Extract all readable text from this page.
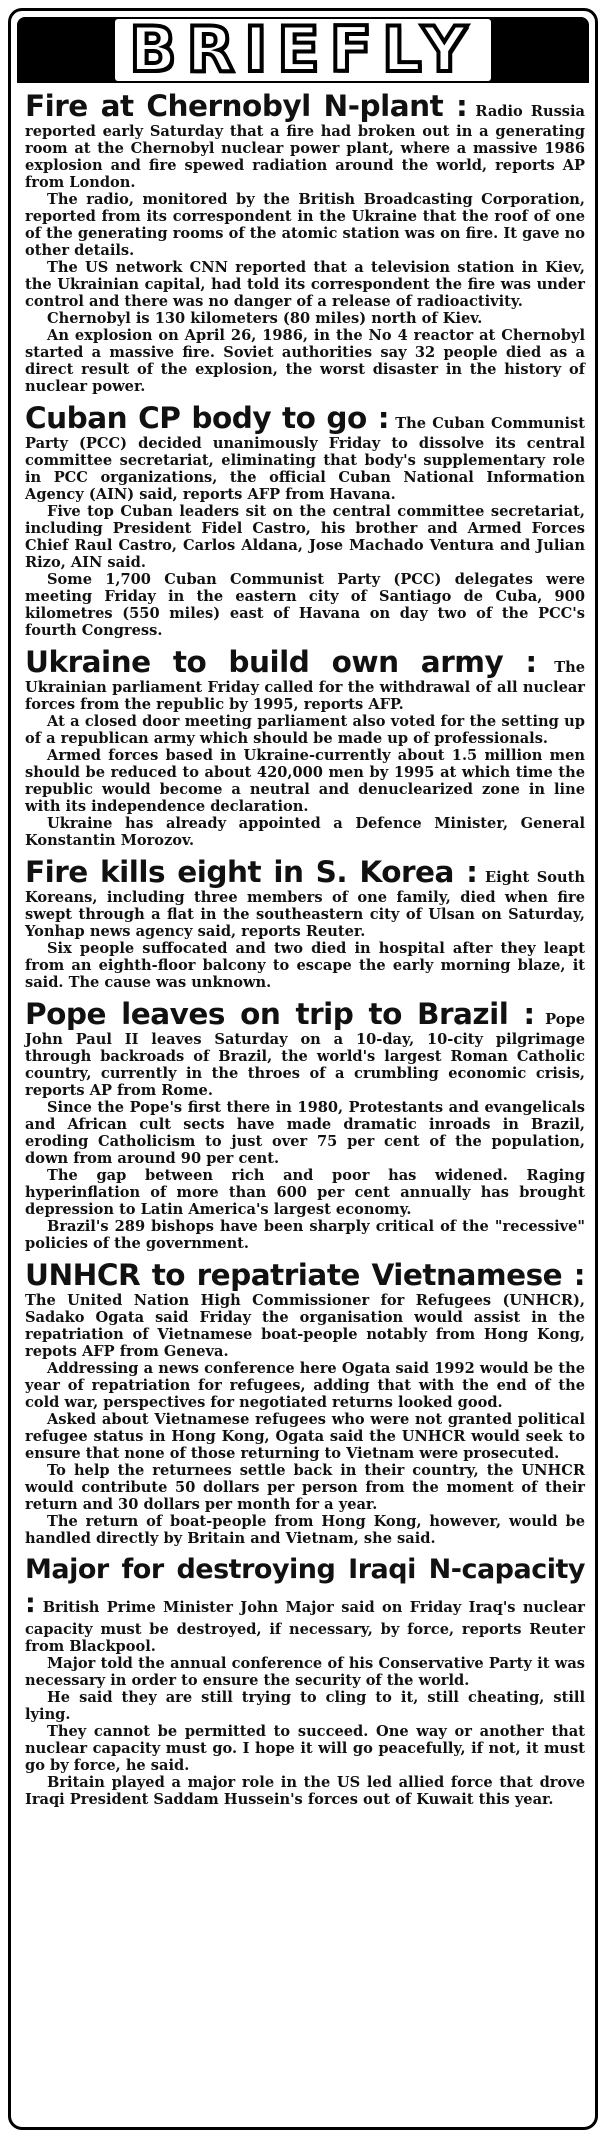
BRIEFLY

Fire at Chernobyl N-plant : Radio Russia reported early Saturday that a fire had broken out in a generating room at the Chernobyl nuclear power plant, where a massive 1986 explosion and fire spewed radiation around the world, reports AP from London.

The radio, monitored by the British Broadcasting Corporation, reported from its correspondent in the Ukraine that the roof of one of the generating rooms of the atomic station was on fire. It gave no other details.

The US network CNN reported that a television station in Kiev, the Ukrainian capital, had told its correspondent the fire was under control and there was no danger of a release of radioactivity.

Chernobyl is 130 kilometers (80 miles) north of Kiev.

An explosion on April 26, 1986, in the No 4 reactor at Chernobyl started a massive fire. Soviet authorities say 32 people died as a direct result of the explosion, the worst disaster in the history of nuclear power.

Cuban CP body to go : The Cuban Communist Party (PCC) decided unanimously Friday to dissolve its central committee secretariat, eliminating that body's supplementary role in PCC organizations, the official Cuban National Information Agency (AIN) said, reports AFP from Havana.

Five top Cuban leaders sit on the central committee secretariat, including President Fidel Castro, his brother and Armed Forces Chief Raul Castro, Carlos Aldana, Jose Machado Ventura and Julian Rizo, AIN said.

Some 1,700 Cuban Communist Party (PCC) delegates were meeting Friday in the eastern city of Santiago de Cuba, 900 kilometres (550 miles) east of Havana on day two of the PCC's fourth Congress.

Ukraine to build own army : The Ukrainian parliament Friday called for the withdrawal of all nuclear forces from the republic by 1995, reports AFP.

At a closed door meeting parliament also voted for the setting up of a republican army which should be made up of professionals.

Armed forces based in Ukraine-currently about 1.5 million men should be reduced to about 420,000 men by 1995 at which time the republic would become a neutral and denuclearized zone in line with its independence declaration.

Ukraine has already appointed a Defence Minister, General Konstantin Morozov.

Fire kills eight in S. Korea : Eight South Koreans, including three members of one family, died when fire swept through a flat in the southeastern city of Ulsan on Saturday, Yonhap news agency said, reports Reuter.

Six people suffocated and two died in hospital after they leapt from an eighth-floor balcony to escape the early morning blaze, it said. The cause was unknown.

Pope leaves on trip to Brazil : Pope John Paul II leaves Saturday on a 10-day, 10-city pilgrimage through backroads of Brazil, the world's largest Roman Catholic country, currently in the throes of a crumbling economic crisis, reports AP from Rome.

Since the Pope's first there in 1980, Protestants and evangelicals and African cult sects have made dramatic inroads in Brazil, eroding Catholicism to just over 75 per cent of the population, down from around 90 per cent.

The gap between rich and poor has widened. Raging hyperinflation of more than 600 per cent annually has brought depression to Latin America's largest economy.

Brazil's 289 bishops have been sharply critical of the "recessive" policies of the government.

UNHCR to repatriate Vietnamese : The United Nation High Commissioner for Refugees (UNHCR), Sadako Ogata said Friday the organisation would assist in the repatriation of Vietnamese boat-people notably from Hong Kong, repots AFP from Geneva.

Addressing a news conference here Ogata said 1992 would be the year of repatriation for refugees, adding that with the end of the cold war, perspectives for negotiated returns looked good.

Asked about Vietnamese refugees who were not granted political refugee status in Hong Kong, Ogata said the UNHCR would seek to ensure that none of those returning to Vietnam were prosecuted.

To help the returnees settle back in their country, the UNHCR would contribute 50 dollars per person from the moment of their return and 30 dollars per month for a year.

The return of boat-people from Hong Kong, however, would be handled directly by Britain and Vietnam, she said.

Major for destroying Iraqi N-capacity : British Prime Minister John Major said on Friday Iraq's nuclear capacity must be destroyed, if necessary, by force, reports Reuter from Blackpool.

Major told the annual conference of his Conservative Party it was necessary in order to ensure the security of the world.

He said they are still trying to cling to it, still cheating, still lying.

They cannot be permitted to succeed. One way or another that nuclear capacity must go. I hope it will go peacefully, if not, it must go by force, he said.

Britain played a major role in the US led allied force that drove Iraqi President Saddam Hussein's forces out of Kuwait this year.
